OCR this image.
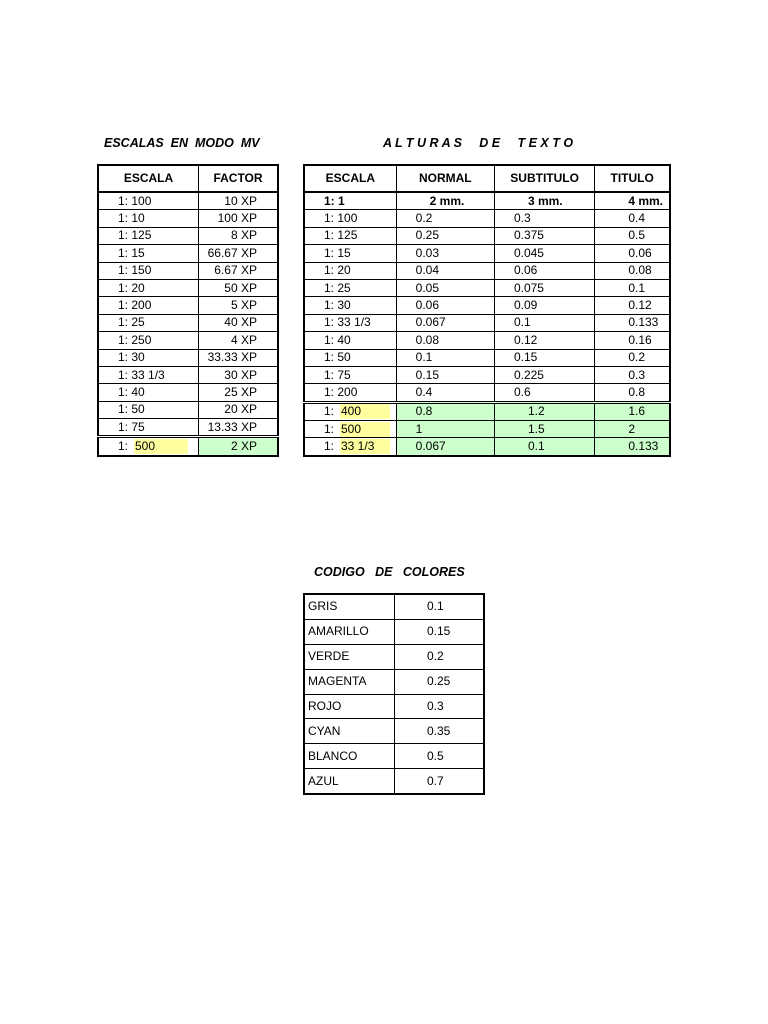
ESCALAS  EN  MODO  MV	A L T U R A S     D E     T E X T O
CODIGO   DE   COLORES
ESCALA	FACTOR
1: 100	10 XP
1: 10	100 XP
1: 125	8 XP
1: 15	66.67 XP
1: 150	6.67 XP
1: 20	50 XP
1: 200	5 XP
1: 25	40 XP
1: 250	4 XP
1: 30	33.33 XP
1: 33 1/3	30 XP
1: 40	25 XP
1: 50	20 XP
1: 75	13.33 XP
1:500	2 XP
ESCALA	NORMAL	SUBTITULO	TITULO
1: 1	2 mm.	3 mm.	4 mm.
1: 100	0.2	0.3	0.4
1: 125	0.25	0.375	0.5
1: 15	0.03	0.045	0.06
1: 20	0.04	0.06	0.08
1: 25	0.05	0.075	0.1
1: 30	0.06	0.09	0.12
1: 33 1/3	0.067	0.1	0.133
1: 40	0.08	0.12	0.16
1: 50	0.1	0.15	0.2
1: 75	0.15	0.225	0.3
1: 200	0.4	0.6	0.8
1:400	0.8	1.2	1.6
1:500	1	1.5	2
1:33 1/3	0.067	0.1	0.133
GRIS	0.1
AMARILLO	0.15
VERDE	0.2
MAGENTA	0.25
ROJO	0.3
CYAN	0.35
BLANCO	0.5
AZUL	0.7
